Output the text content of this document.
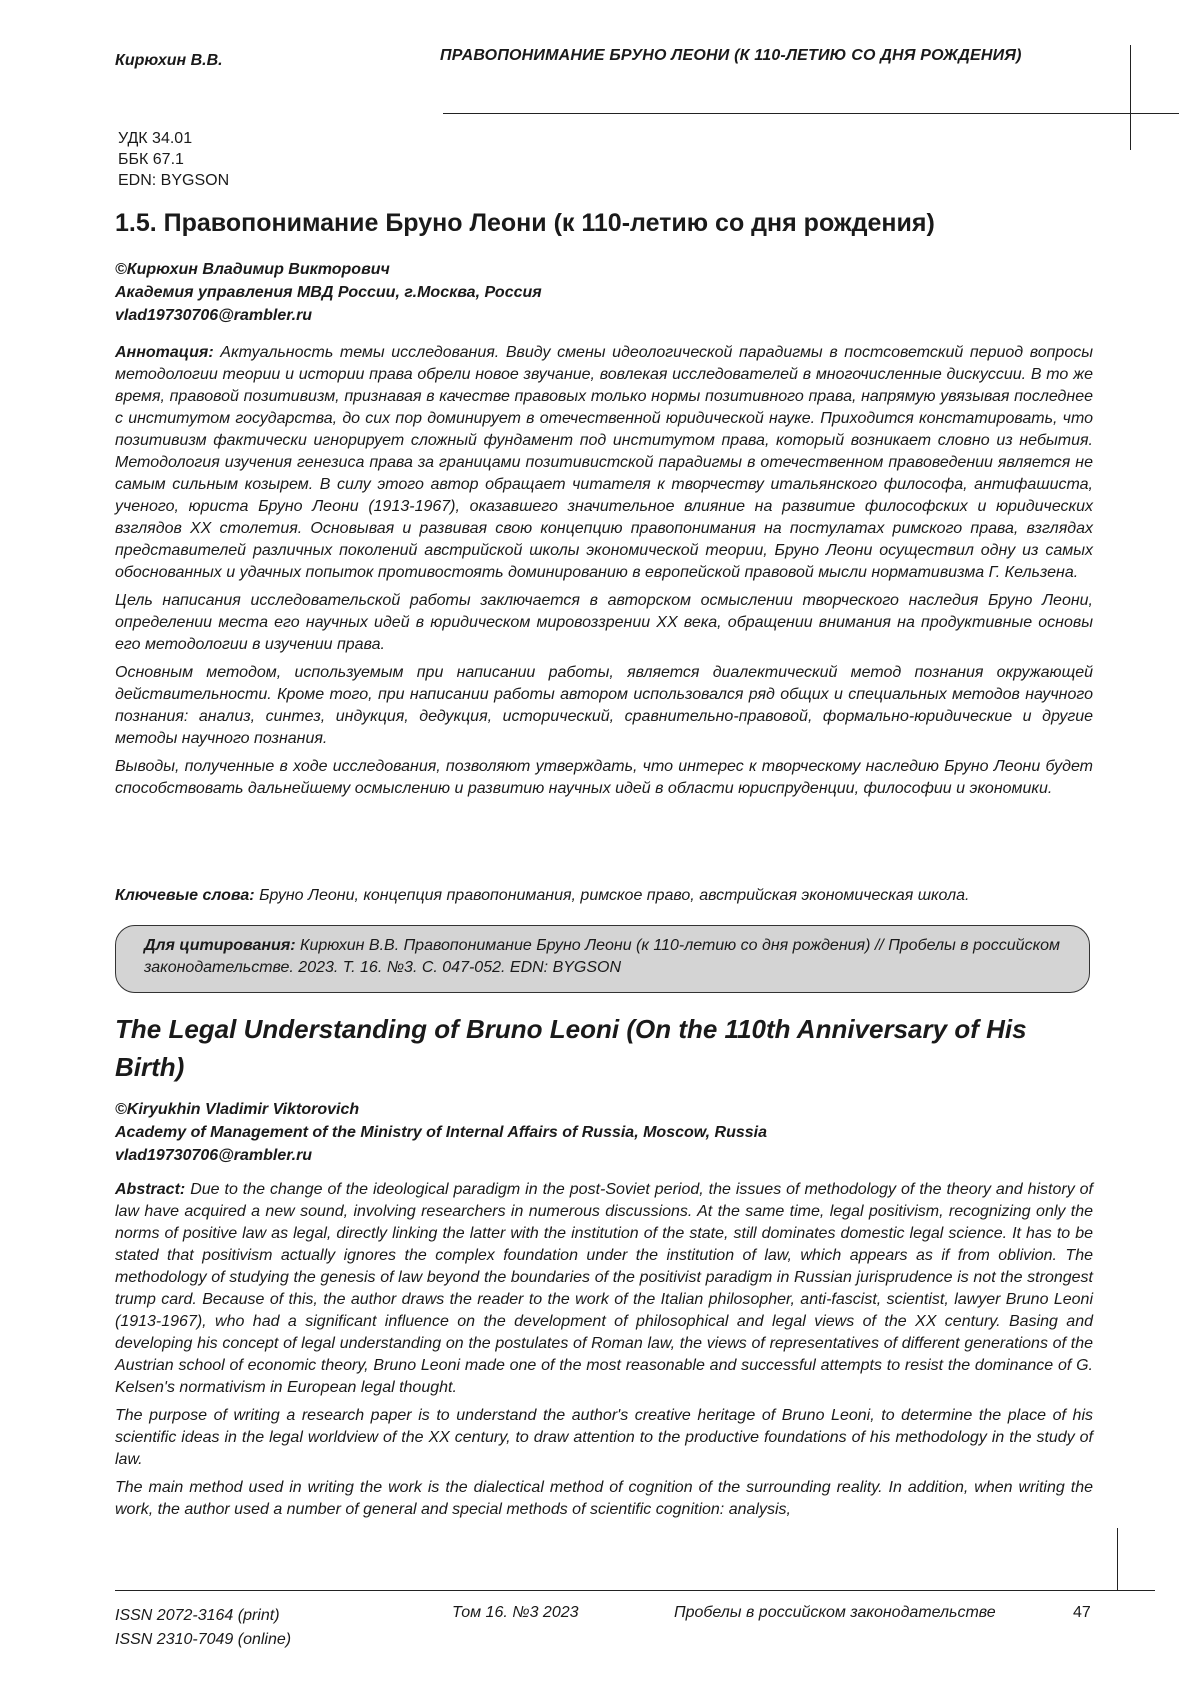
Кирюхин В.В.	ПРАВОПОНИМАНИЕ БРУНО ЛЕОНИ (К 110-ЛЕТИЮ СО ДНЯ РОЖДЕНИЯ)
УДК 34.01
ББК 67.1
EDN: BYGSON
1.5. Правопонимание Бруно Леони (к 110-летию со дня рождения)
©Кирюхин Владимир Викторович
Академия управления МВД России, г.Москва, Россия
vlad19730706@rambler.ru

Аннотация: Актуальность темы исследования. Ввиду смены идеологической парадигмы в постсоветский период вопросы методологии теории и истории права обрели новое звучание, вовлекая исследователей в многочисленные дискуссии. В то же время, правовой позитивизм, признавая в качестве правовых только нормы позитивного права, напрямую увязывая последнее с институтом государства, до сих пор доминирует в отечественной юридической науке. Приходится констатировать, что позитивизм фактически игнорирует сложный фундамент под институтом права, который возникает словно из небытия. Методология изучения генезиса права за границами позитивистской парадигмы в отечественном правоведении является не самым сильным козырем. В силу этого автор обращает читателя к творчеству итальянского философа, антифашиста, ученого, юриста Бруно Леони (1913-1967), оказавшего значительное влияние на развитие философских и юридических взглядов XX столетия. Основывая и развивая свою концепцию правопонимания на постулатах римского права, взглядах представителей различных поколений австрийской школы экономической теории, Бруно Леони осуществил одну из самых обоснованных и удачных попыток противостоять доминированию в европейской правовой мысли нормативизма Г. Кельзена.

Цель написания исследовательской работы заключается в авторском осмыслении творческого наследия Бруно Леони, определении места его научных идей в юридическом мировоззрении XX века, обращении внимания на продуктивные основы его методологии в изучении права.

Основным методом, используемым при написании работы, является диалектический метод познания окружающей действительности. Кроме того, при написании работы автором использовался ряд общих и специальных методов научного познания: анализ, синтез, индукция, дедукция, исторический, сравнительно-правовой, формально-юридические и другие методы научного познания.

Выводы, полученные в ходе исследования, позволяют утверждать, что интерес к творческому наследию Бруно Леони будет способствовать дальнейшему осмыслению и развитию научных идей в области юриспруденции, философии и экономики.

Ключевые слова: Бруно Леони, концепция правопонимания, римское право, австрийская экономическая школа.
Для цитирования: Кирюхин В.В. Правопонимание Бруно Леони (к 110-летию со дня рождения) // Пробелы в российском законодательстве. 2023. Т. 16. №3. С. 047-052. EDN: BYGSON
The Legal Understanding of Bruno Leoni (On the 110th Anniversary of His Birth)
©Kiryukhin Vladimir Viktorovich
Academy of Management of the Ministry of Internal Affairs of Russia, Moscow, Russia
vlad19730706@rambler.ru

Abstract: Due to the change of the ideological paradigm in the post-Soviet period, the issues of methodology of the theory and history of law have acquired a new sound, involving researchers in numerous discussions. At the same time, legal positivism, recognizing only the norms of positive law as legal, directly linking the latter with the institution of the state, still dominates domestic legal science. It has to be stated that positivism actually ignores the complex foundation under the institution of law, which appears as if from oblivion. The methodology of studying the genesis of law beyond the boundaries of the positivist paradigm in Russian jurisprudence is not the strongest trump card. Because of this, the author draws the reader to the work of the Italian philosopher, anti-fascist, scientist, lawyer Bruno Leoni (1913-1967), who had a significant influence on the development of philosophical and legal views of the XX century. Basing and developing his concept of legal understanding on the postulates of Roman law, the views of representatives of different generations of the Austrian school of economic theory, Bruno Leoni made one of the most reasonable and successful attempts to resist the dominance of G. Kelsen's normativism in European legal thought.

The purpose of writing a research paper is to understand the author's creative heritage of Bruno Leoni, to determine the place of his scientific ideas in the legal worldview of the XX century, to draw attention to the productive foundations of his methodology in the study of law.

The main method used in writing the work is the dialectical method of cognition of the surrounding reality. In addition, when writing the work, the author used a number of general and special methods of scientific cognition: analysis,

ISSN 2072-3164 (print)
ISSN 2310-7049 (online)
Том 16. №3 2023	Пробелы в российском законодательстве	47
